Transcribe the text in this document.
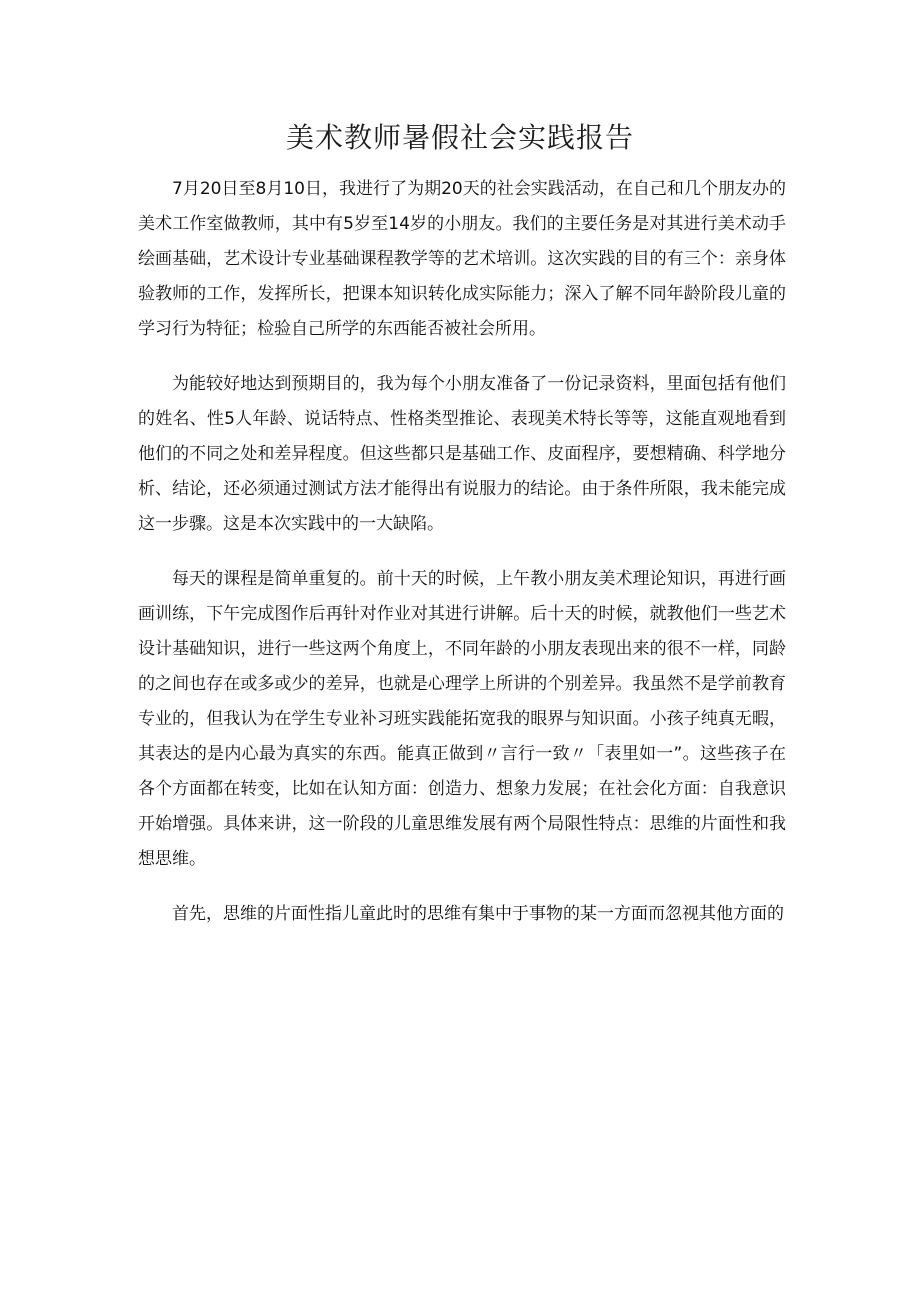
美术教师暑假社会实践报告

7月20日至8月10日，我进行了为期20天的社会实践活动，在自己和几个朋友办的美术工作室做教师，其中有5岁至14岁的小朋友。我们的主要任务是对其进行美术动手绘画基础，艺术设计专业基础课程教学等的艺术培训。这次实践的目的有三个：亲身体验教师的工作，发挥所长，把课本知识转化成实际能力；深入了解不同年龄阶段儿童的学习行为特征；检验自己所学的东西能否被社会所用。

为能较好地达到预期目的，我为每个小朋友准备了一份记录资料，里面包括有他们的姓名、性5人年龄、说话特点、性格类型推论、表现美术特长等等，这能直观地看到他们的不同之处和差异程度。但这些都只是基础工作、皮面程序，要想精确、科学地分析、结论，还必须通过测试方法才能得出有说服力的结论。由于条件所限，我未能完成这一步骤。这是本次实践中的一大缺陷。

每天的课程是简单重复的。前十天的时候，上午教小朋友美术理论知识，再进行画画训练，下午完成图作后再针对作业对其进行讲解。后十天的时候，就教他们一些艺术设计基础知识，进行一些这两个角度上，不同年龄的小朋友表现出来的很不一样，同龄的之间也存在或多或少的差异，也就是心理学上所讲的个别差异。我虽然不是学前教育专业的，但我认为在学生专业补习班实践能拓宽我的眼界与知识面。小孩子纯真无暇，其表达的是内心最为真实的东西。能真正做到〃言行一致〃「表里如一”。这些孩子在各个方面都在转变，比如在认知方面：创造力、想象力发展；在社会化方面：自我意识开始增强。具体来讲，这一阶段的儿童思维发展有两个局限性特点：思维的片面性和我想思维。

首先，思维的片面性指儿童此时的思维有集中于事物的某一方面而忽视其他方面的
